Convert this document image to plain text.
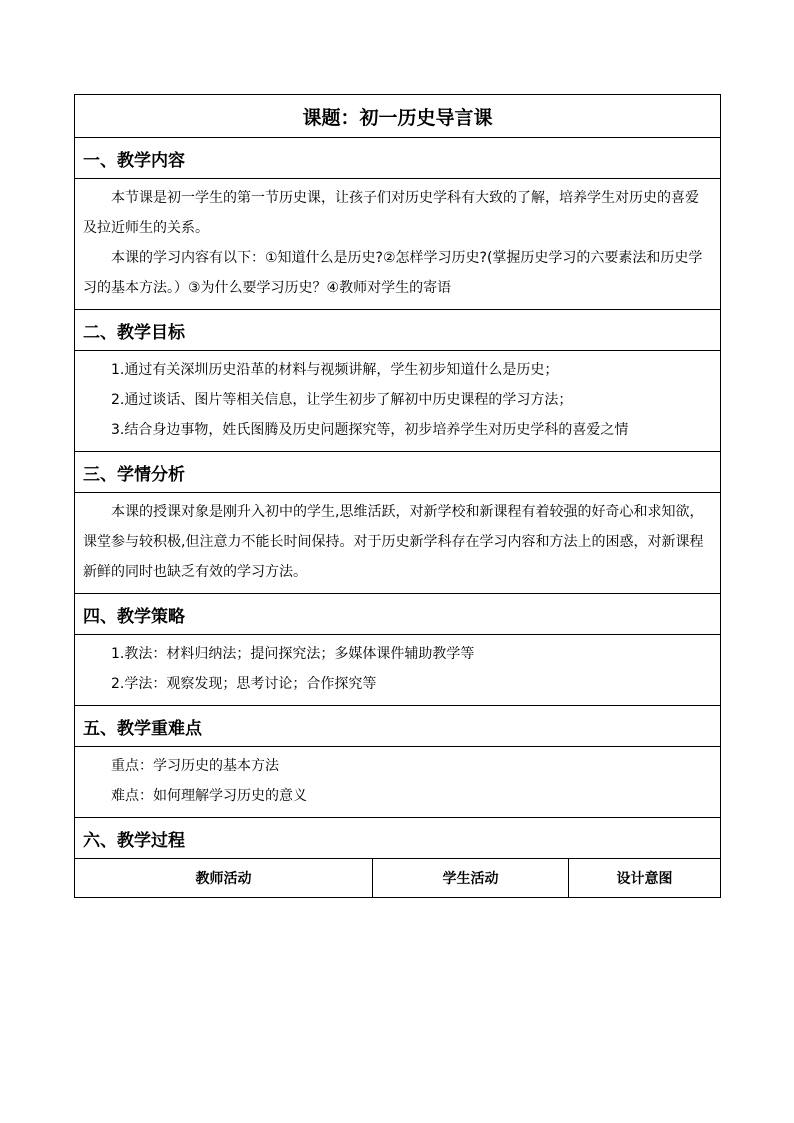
课题：初一历史导言课
一、教学内容

本节课是初一学生的第一节历史课，让孩子们对历史学科有大致的了解，培养学生对历史的喜爱及拉近师生的关系。

本课的学习内容有以下：①知道什么是历史?②怎样学习历史?(掌握历史学习的六要素法和历史学习的基本方法。）③为什么要学习历史？④教师对学生的寄语

二、教学目标

1.通过有关深圳历史沿革的材料与视频讲解，学生初步知道什么是历史；

2.通过谈话、图片等相关信息，让学生初步了解初中历史课程的学习方法；

3.结合身边事物，姓氏图腾及历史问题探究等，初步培养学生对历史学科的喜爱之情

三、学情分析

本课的授课对象是刚升入初中的学生,思维活跃，对新学校和新课程有着较强的好奇心和求知欲，课堂参与较积极,但注意力不能长时间保持。对于历史新学科存在学习内容和方法上的困惑，对新课程新鲜的同时也缺乏有效的学习方法。

四、教学策略

1.教法：材料归纳法；提问探究法；多媒体课件辅助教学等

2.学法：观察发现；思考讨论；合作探究等

五、教学重难点

重点：学习历史的基本方法

难点：如何理解学习历史的意义

六、教学过程
教师活动	学生活动	设计意图
